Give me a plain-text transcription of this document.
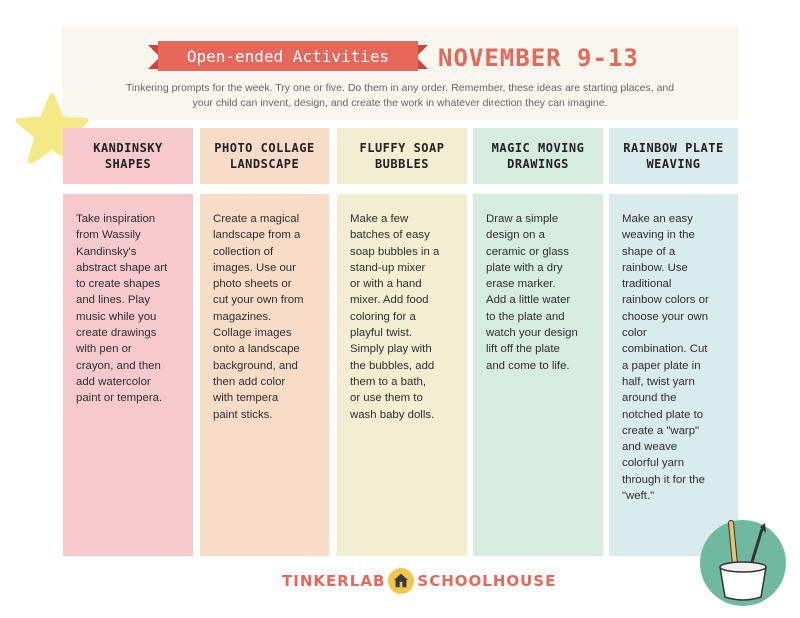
Open-ended Activities	NOVEMBER 9-13
Tinkering prompts for the week. Try one or five. Do them in any order. Remember, these ideas are starting places, and your child can invent, design, and create the work in whatever direction they can imagine.
KANDINSKY
SHAPES
PHOTO COLLAGE
LANDSCAPE
FLUFFY SOAP
BUBBLES
MAGIC MOVING
DRAWINGS
RAINBOW PLATE
WEAVING
Take inspiration
from Wassily
Kandinsky's
abstract shape art
to create shapes
and lines. Play
music while you
create drawings
with pen or
crayon, and then
add watercolor
paint or tempera.
Create a magical
landscape from a
collection of
images. Use our
photo sheets or
cut your own from
magazines.
Collage images
onto a landscape
background, and
then add color
with tempera
paint sticks.
Make a few
batches of easy
soap bubbles in a
stand-up mixer
or with a hand
mixer. Add food
coloring for a
playful twist.
Simply play with
the bubbles, add
them to a bath,
or use them to
wash baby dolls.
Draw a simple
design on a
ceramic or glass
plate with a dry
erase marker.
Add a little water
to the plate and
watch your design
lift off the plate
and come to life.
Make an easy
weaving in the
shape of a
rainbow. Use
traditional
rainbow colors or
choose your own
color
combination. Cut
a paper plate in
half, twist yarn
around the
notched plate to
create a "warp"
and weave
colorful yarn
through it for the
"weft."
TINKERLAB SCHOOLHOUSE
